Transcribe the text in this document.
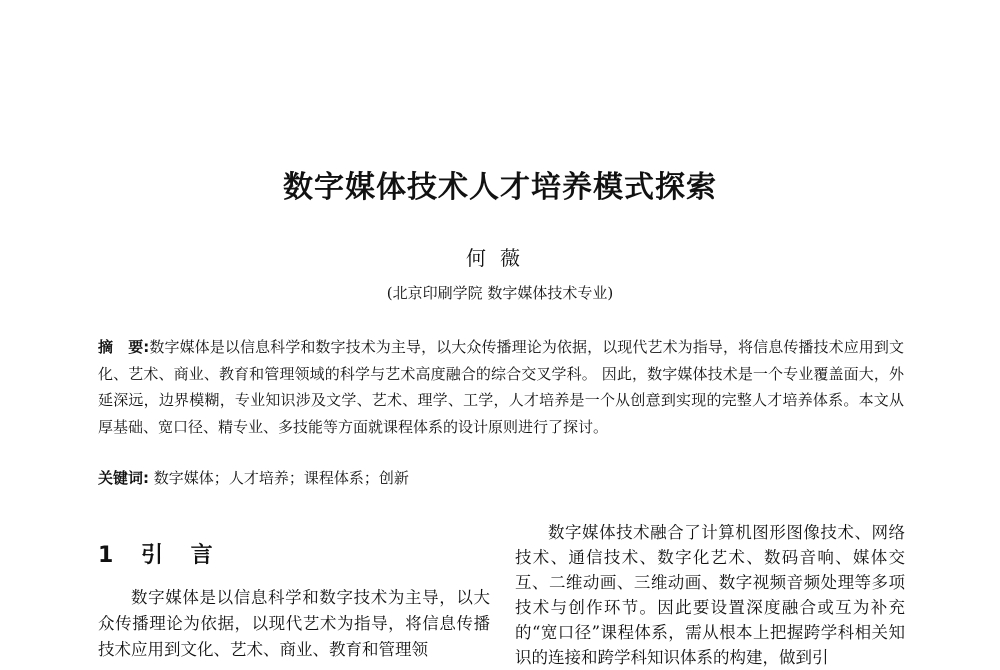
数字媒体技术人才培养模式探索
何薇
(北京印刷学院 数字媒体技术专业)
摘　要:数字媒体是以信息科学和数字技术为主导，以大众传播理论为依据，以现代艺术为指导，将信息传播技术应用到文化、艺术、商业、教育和管理领域的科学与艺术高度融合的综合交叉学科。 因此，数字媒体技术是一个专业覆盖面大，外延深远，边界模糊，专业知识涉及文学、艺术、理学、工学，人才培养是一个从创意到实现的完整人才培养体系。本文从厚基础、宽口径、精专业、多技能等方面就课程体系的设计原则进行了探讨。
关键词: 数字媒体；人才培养；课程体系；创新
1 引 言
数字媒体是以信息科学和数字技术为主导，以大众传播理论为依据，以现代艺术为指导，将信息传播技术应用到文化、艺术、商业、教育和管理领
数字媒体技术融合了计算机图形图像技术、网络技术、通信技术、数字化艺术、数码音响、媒体交互、二维动画、三维动画、数字视频音频处理等多项技术与创作环节。因此要设置深度融合或互为补充的“宽口径”课程体系，需从根本上把握跨学科相关知识的连接和跨学科知识体系的构建，做到引
